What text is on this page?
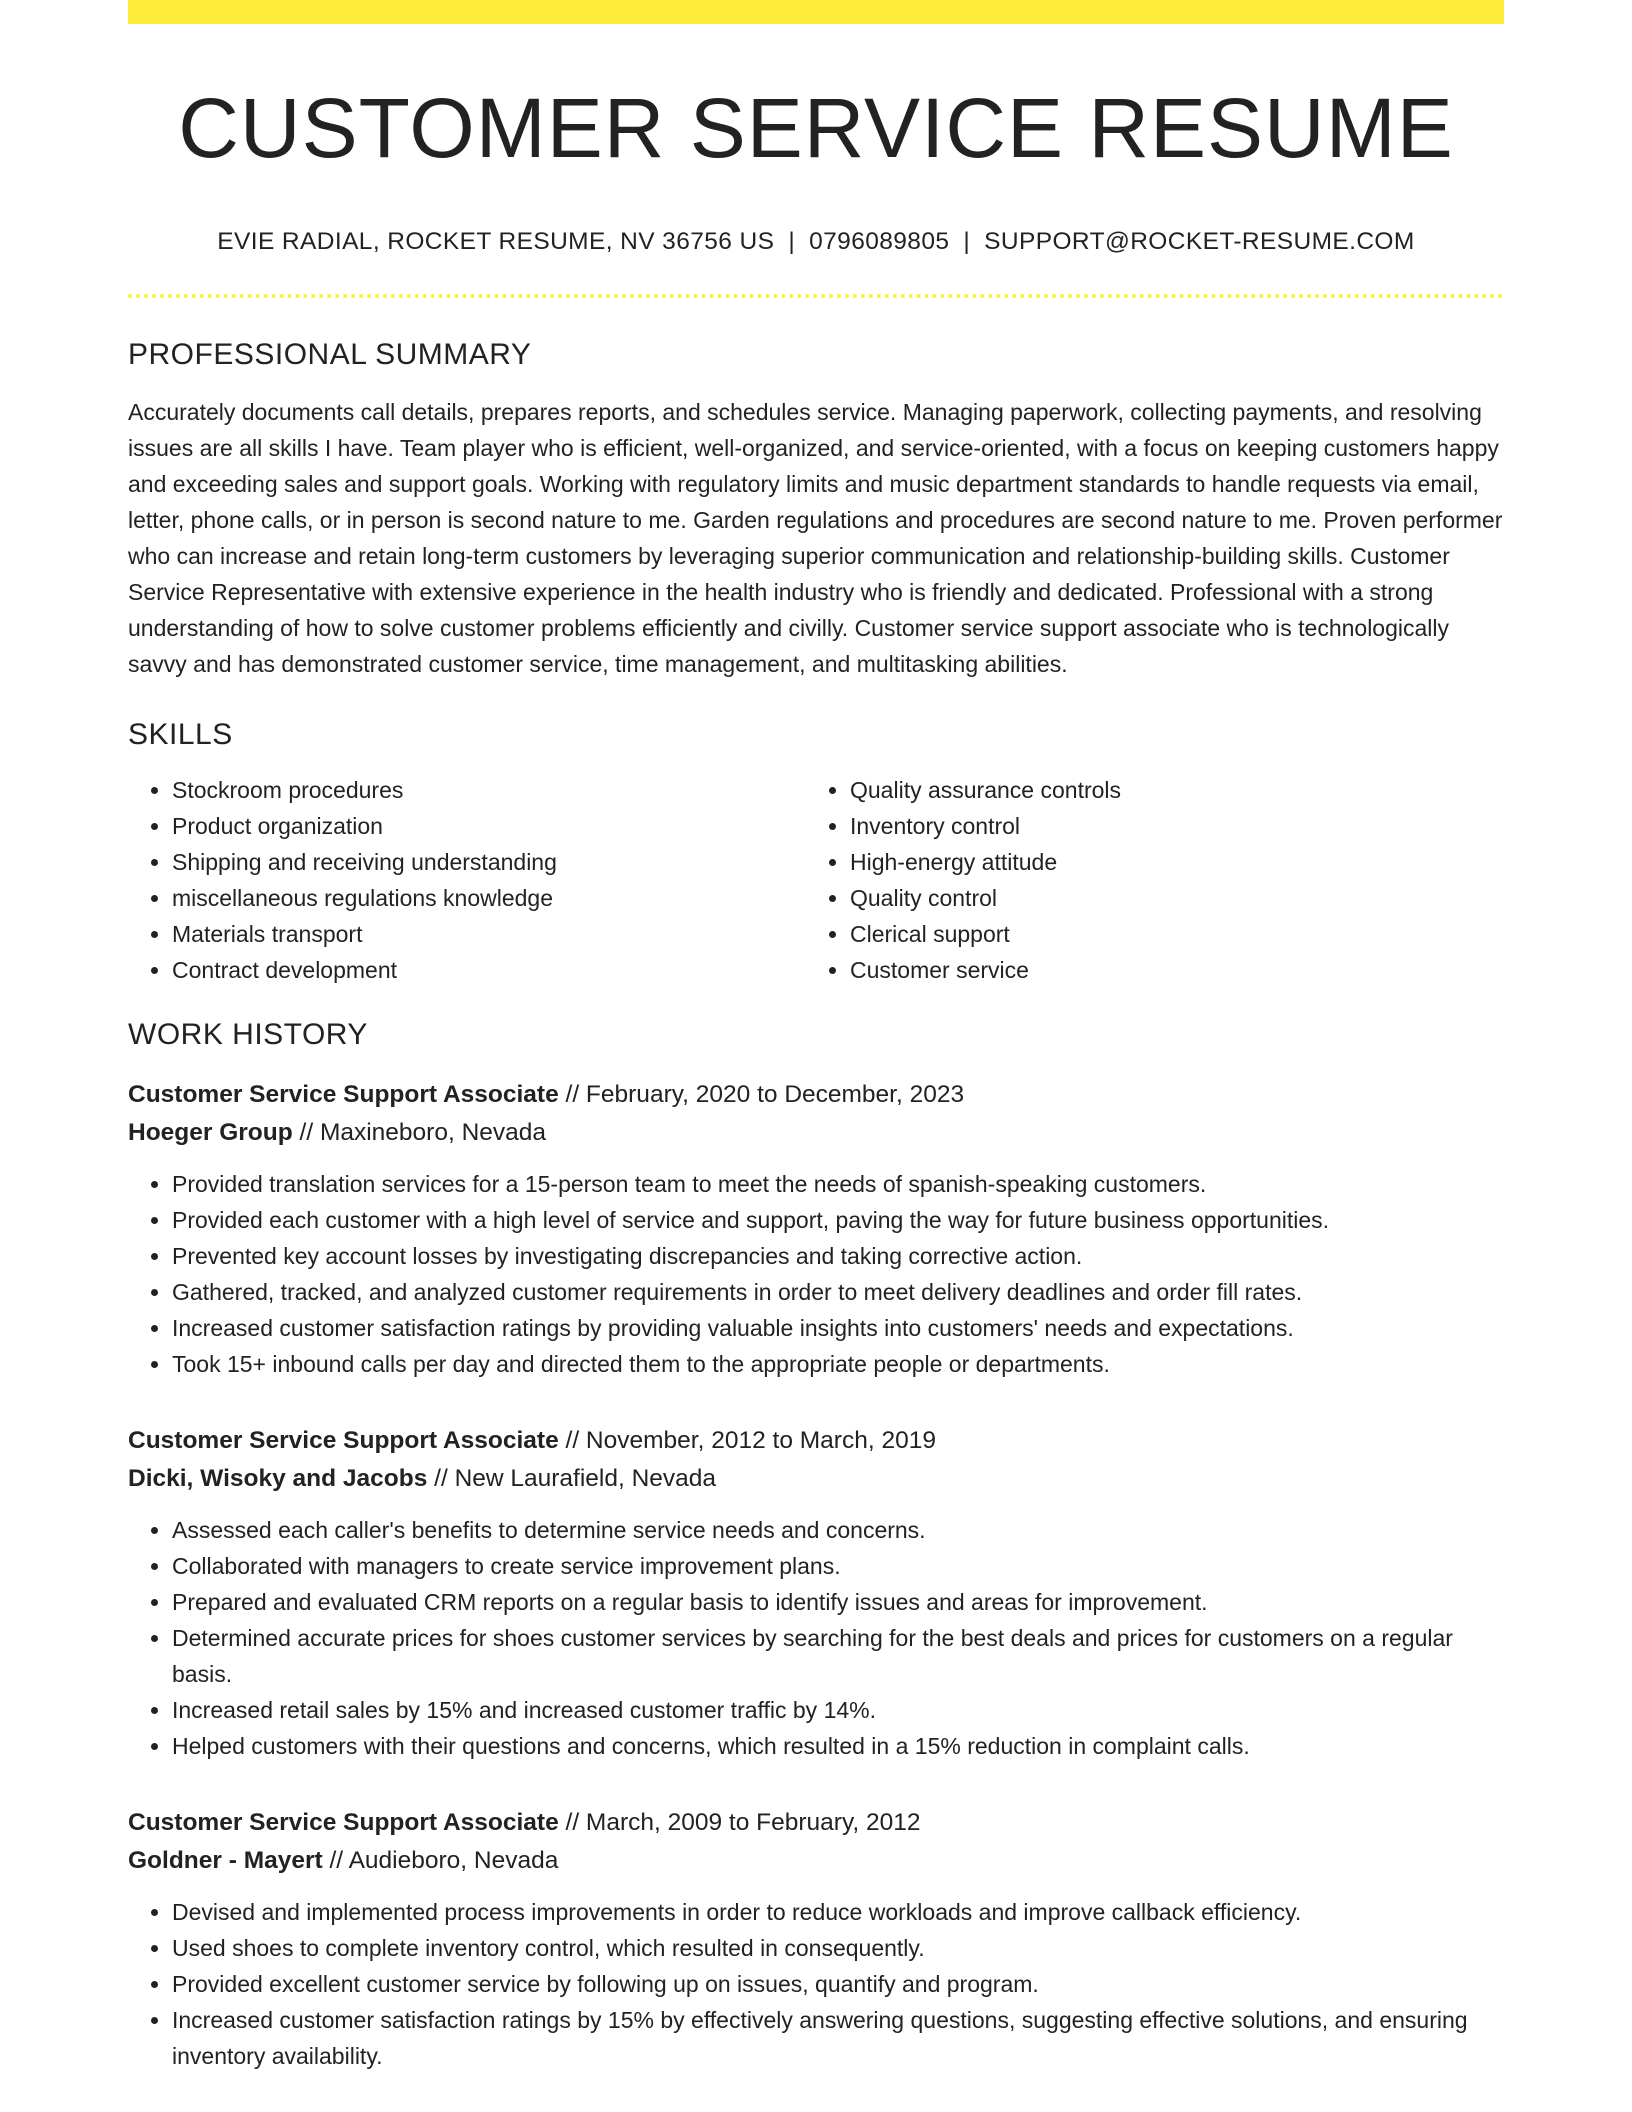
CUSTOMER SERVICE RESUME
EVIE RADIAL, ROCKET RESUME, NV 36756 US | 0796089805 | SUPPORT@ROCKET-RESUME.COM
PROFESSIONAL SUMMARY

Accurately documents call details, prepares reports, and schedules service. Managing paperwork, collecting payments, and resolving issues are all skills I have. Team player who is efficient, well-organized, and service-oriented, with a focus on keeping customers happy and exceeding sales and support goals. Working with regulatory limits and music department standards to handle requests via email, letter, phone calls, or in person is second nature to me. Garden regulations and procedures are second nature to me. Proven performer who can increase and retain long-term customers by leveraging superior communication and relationship-building skills. Customer Service Representative with extensive experience in the health industry who is friendly and dedicated. Professional with a strong understanding of how to solve customer problems efficiently and civilly. Customer service support associate who is technologically savvy and has demonstrated customer service, time management, and multitasking abilities.

SKILLS
• Stockroom procedures
• Product organization
• Shipping and receiving understanding
• miscellaneous regulations knowledge
• Materials transport
• Contract development
• Quality assurance controls
• Inventory control
• High-energy attitude
• Quality control
• Clerical support
• Customer service
WORK HISTORY
Customer Service Support Associate // February, 2020 to December, 2023
Hoeger Group // Maxineboro, Nevada
• Provided translation services for a 15-person team to meet the needs of spanish-speaking customers.
• Provided each customer with a high level of service and support, paving the way for future business opportunities.
• Prevented key account losses by investigating discrepancies and taking corrective action.
• Gathered, tracked, and analyzed customer requirements in order to meet delivery deadlines and order fill rates.
• Increased customer satisfaction ratings by providing valuable insights into customers' needs and expectations.
• Took 15+ inbound calls per day and directed them to the appropriate people or departments.
Customer Service Support Associate // November, 2012 to March, 2019
Dicki, Wisoky and Jacobs // New Laurafield, Nevada
• Assessed each caller's benefits to determine service needs and concerns.
• Collaborated with managers to create service improvement plans.
• Prepared and evaluated CRM reports on a regular basis to identify issues and areas for improvement.
• Determined accurate prices for shoes customer services by searching for the best deals and prices for customers on a regular basis.
• Increased retail sales by 15% and increased customer traffic by 14%.
• Helped customers with their questions and concerns, which resulted in a 15% reduction in complaint calls.
Customer Service Support Associate // March, 2009 to February, 2012
Goldner - Mayert // Audieboro, Nevada
• Devised and implemented process improvements in order to reduce workloads and improve callback efficiency.
• Used shoes to complete inventory control, which resulted in consequently.
• Provided excellent customer service by following up on issues, quantify and program.
• Increased customer satisfaction ratings by 15% by effectively answering questions, suggesting effective solutions, and ensuring inventory availability.
